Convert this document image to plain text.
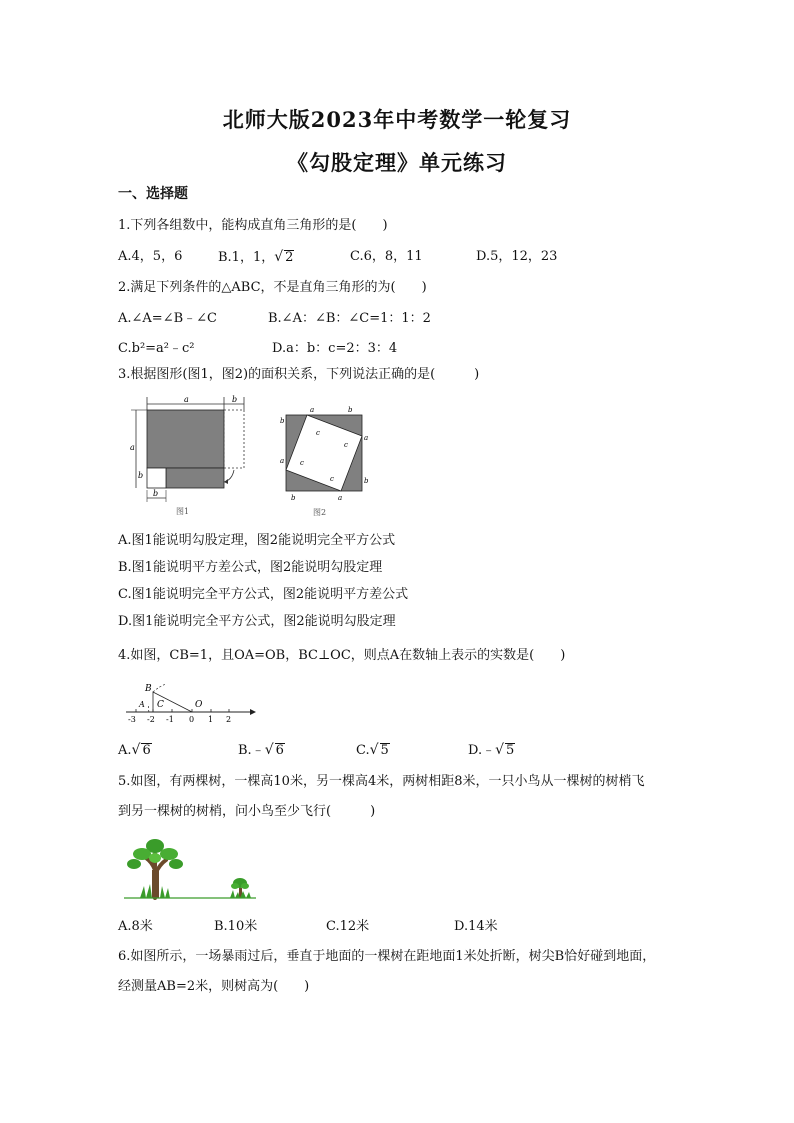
北师大版2023年中考数学一轮复习
《勾股定理》单元练习
一、选择题
1.下列各组数中，能构成直角三角形的是(　　)
A.4，5，6	B.1，1，√ 2	C.6，8，11	D.5，12，23
2.满足下列条件的△ABC，不是直角三角形的为(　　)
A.∠A=∠B﹣∠C	B.∠A：∠B：∠C=1：1：2
C.b²=a²﹣c²	D.a：b：c=2：3：4
3.根据图形(图1，图2)的面积关系，下列说法正确的是(　　　)
a	b
a
b
b
图1
a	b
a
b
a
b
a
b
c
c
c
c
图2
A.图1能说明勾股定理，图2能说明完全平方公式
B.图1能说明平方差公式，图2能说明勾股定理
C.图1能说明完全平方公式，图2能说明平方差公式
D.图1能说明完全平方公式，图2能说明勾股定理
4.如图，CB=1，且OA=OB，BC⊥OC，则点A在数轴上表示的实数是(　　)
B
A C	O
-3 -2 -1 0 1 2
A.√ 6	B.﹣√ 6	C.√ 5	D.﹣√ 5
5.如图，有两棵树，一棵高10米，另一棵高4米，两树相距8米，一只小鸟从一棵树的树梢飞
到另一棵树的树梢，问小鸟至少飞行(　　　)
A.8米	B.10米	C.12米	D.14米
6.如图所示，一场暴雨过后，垂直于地面的一棵树在距地面1米处折断，树尖B恰好碰到地面，
经测量AB=2米，则树高为(　　)
